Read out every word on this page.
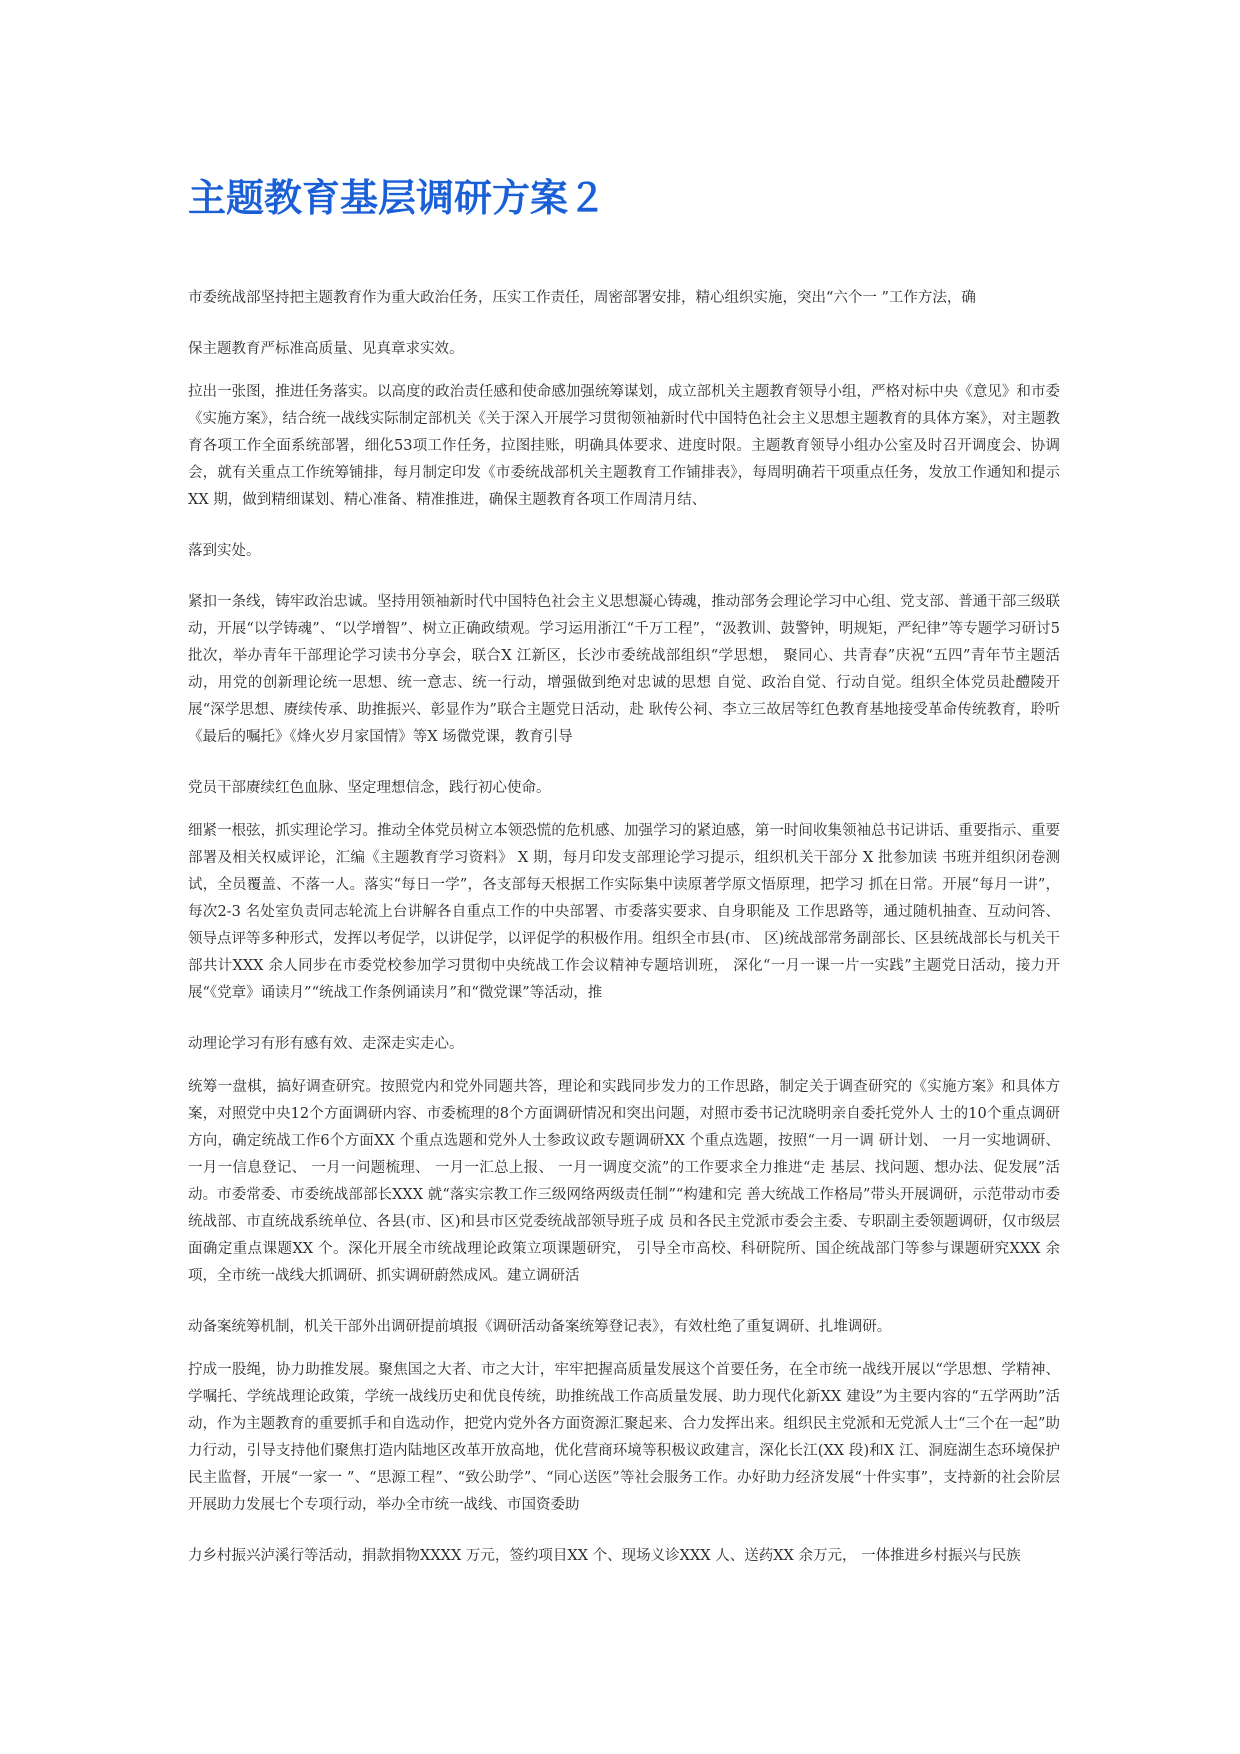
主题教育基层调研方案２

市委统战部坚持把主题教育作为重大政治任务，压实工作责任，周密部署安排，精心组织实施，突出“六个一 ”工作方法，确

保主题教育严标准高质量、见真章求实效。

拉出一张图，推进任务落实。以高度的政治责任感和使命感加强统筹谋划，成立部机关主题教育领导小组，严格对标中央《意见》和市委《实施方案》，结合统一战线实际制定部机关《关于深入开展学习贯彻领袖新时代中国特色社会主义思想主题教育的具体方案》，对主题教育各项工作全面系统部署，细化53项工作任务，拉图挂账，明确具体要求、进度时限。主题教育领导小组办公室及时召开调度会、协调会，就有关重点工作统筹铺排，每月制定印发《市委统战部机关主题教育工作铺排表》，每周明确若干项重点任务，发放工作通知和提示XX 期，做到精细谋划、精心准备、精准推进，确保主题教育各项工作周清月结、

落到实处。

紧扣一条线，铸牢政治忠诚。坚持用领袖新时代中国特色社会主义思想凝心铸魂，推动部务会理论学习中心组、党支部、普通干部三级联动，开展“以学铸魂”、“以学增智”、树立正确政绩观。学习运用浙江“千万工程”，“汲教训、鼓警钟，明规矩，严纪律”等专题学习研讨5批次，举办青年干部理论学习读书分享会，联合X 江新区，长沙市委统战部组织“学思想， 聚同心、共青春”庆祝“五四”青年节主题活动，用党的创新理论统一思想、统一意志、统一行动，增强做到绝对忠诚的思想 自觉、政治自觉、行动自觉。组织全体党员赴醴陵开展“深学思想、赓续传承、助推振兴、彰显作为”联合主题党日活动，赴 耿传公祠、李立三故居等红色教育基地接受革命传统教育，聆听《最后的嘱托》《烽火岁月家国情》等X 场微党课，教育引导

党员干部赓续红色血脉、坚定理想信念，践行初心使命。

细紧一根弦，抓实理论学习。推动全体党员树立本领恐慌的危机感、加强学习的紧迫感，第一时间收集领袖总书记讲话、重要指示、重要部署及相关权威评论，汇编《主题教育学习资料》 X 期，每月印发支部理论学习提示，组织机关干部分 X 批参加读 书班并组织闭卷测试，全员覆盖、不落一人。落实“每日一学”，各支部每天根据工作实际集中读原著学原文悟原理，把学习 抓在日常。开展“每月一讲”，每次2-3 名处室负责同志轮流上台讲解各自重点工作的中央部署、市委落实要求、自身职能及 工作思路等，通过随机抽查、互动问答、领导点评等多种形式，发挥以考促学，以讲促学，以评促学的积极作用。组织全市县(市、 区)统战部常务副部长、区县统战部长与机关干部共计XXX 余人同步在市委党校参加学习贯彻中央统战工作会议精神专题培训班， 深化“一月一课一片一实践”主题党日活动，接力开展“《党章》诵读月”“统战工作条例诵读月”和“微党课”等活动，推

动理论学习有形有感有效、走深走实走心。

统筹一盘棋，搞好调查研究。按照党内和党外同题共答，理论和实践同步发力的工作思路，制定关于调查研究的《实施方案》和具体方案，对照党中央12个方面调研内容、市委梳理的8个方面调研情况和突出问题，对照市委书记沈晓明亲自委托党外人 士的10个重点调研方向，确定统战工作6个方面XX 个重点选题和党外人士参政议政专题调研XX 个重点选题，按照“一月一调 研计划、 一月一实地调研、 一月一信息登记、 一月一问题梳理、 一月一汇总上报、 一月一调度交流”的工作要求全力推进“走 基层、找问题、想办法、促发展”活动。市委常委、市委统战部部长XXX 就“落实宗教工作三级网络两级责任制”“构建和完 善大统战工作格局”带头开展调研，示范带动市委统战部、市直统战系统单位、各县(市、区)和县市区党委统战部领导班子成 员和各民主党派市委会主委、专职副主委领题调研，仅市级层面确定重点课题XX 个。深化开展全市统战理论政策立项课题研究， 引导全市高校、科研院所、国企统战部门等参与课题研究XXX 余项，全市统一战线大抓调研、抓实调研蔚然成风。建立调研活

动备案统筹机制，机关干部外出调研提前填报《调研活动备案统筹登记表》，有效杜绝了重复调研、扎堆调研。

拧成一股绳，协力助推发展。聚焦国之大者、市之大计，牢牢把握高质量发展这个首要任务，在全市统一战线开展以“学思想、学精神、学嘱托、学统战理论政策，学统一战线历史和优良传统，助推统战工作高质量发展、助力现代化新XX 建设”为主要内容的“五学两助”活动，作为主题教育的重要抓手和自选动作，把党内党外各方面资源汇聚起来、合力发挥出来。组织民主党派和无党派人士“三个在一起”助力行动，引导支持他们聚焦打造内陆地区改革开放高地，优化营商环境等积极议政建言，深化长江(XX 段)和X 江、洞庭湖生态环境保护民主监督，开展“一家一 ”、“思源工程”、“致公助学”、“同心送医”等社会服务工作。办好助力经济发展“十件实事”，支持新的社会阶层开展助力发展七个专项行动，举办全市统一战线、市国资委助

力乡村振兴泸溪行等活动，捐款捐物XXXX 万元，签约项目XX 个、现场义诊XXX 人、送药XX 余万元， 一体推进乡村振兴与民族
